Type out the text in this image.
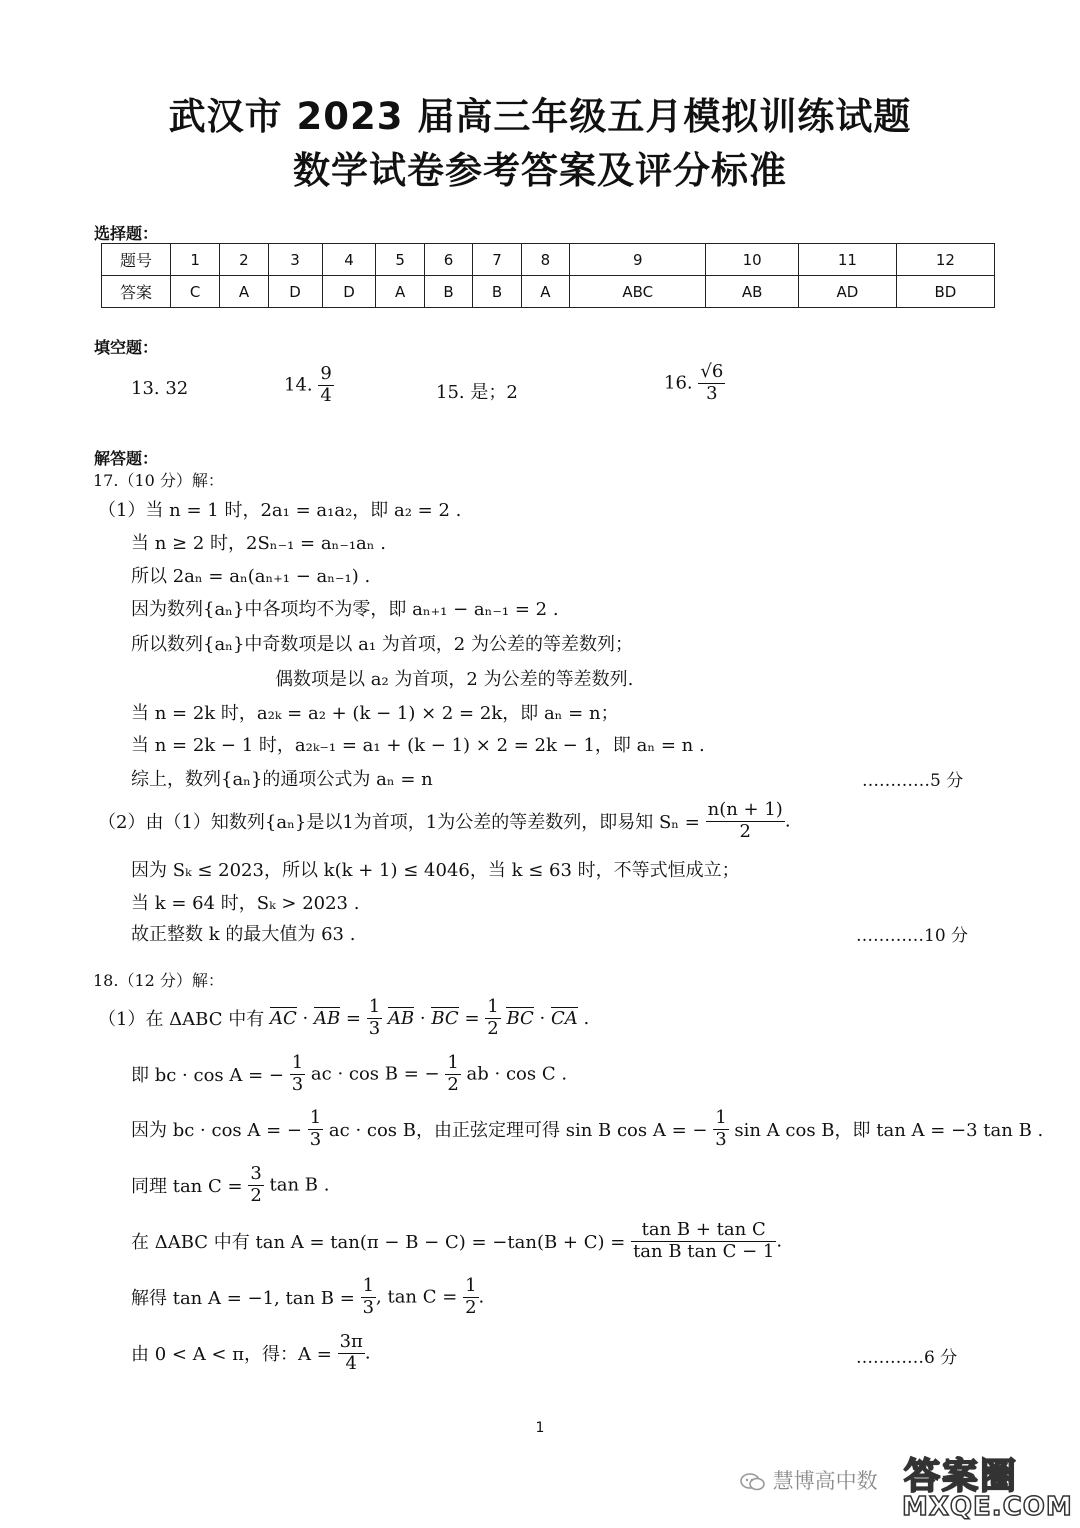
武汉市 2023 届高三年级五月模拟训练试题
数学试卷参考答案及评分标准
选择题：
题号	1	2	3	4	5	6	7	8	9	10	11	12
答案	C	A	D	D	A	B	B	A	ABC	AB	AD	BD
填空题：
13. 32	14. $\frac{9}{4}$	15. 是；2	16. $\frac{√6}{3}$
解答题：
17.（10 分）解：
（1）当 n = 1 时，2a₁ = a₁a₂，即 a₂ = 2 .
当 n ≥ 2 时，2Sₙ₋₁ = aₙ₋₁aₙ .
所以 2aₙ = aₙ(aₙ₊₁ − aₙ₋₁) .
因为数列{aₙ}中各项均不为零，即 aₙ₊₁ − aₙ₋₁ = 2 .
所以数列{aₙ}中奇数项是以 a₁ 为首项，2 为公差的等差数列；
偶数项是以 a₂ 为首项，2 为公差的等差数列.
当 n = 2k 时，a₂ₖ = a₂ + (k − 1) × 2 = 2k，即 aₙ = n；
当 n = 2k − 1 时，a₂ₖ₋₁ = a₁ + (k − 1) × 2 = 2k − 1，即 aₙ = n .
综上，数列{aₙ}的通项公式为 aₙ = n	…………5 分
（2）由（1）知数列{aₙ}是以1为首项，1为公差的等差数列，即易知 $S_n = \frac{n(n + 1)}{2}$ .
因为 Sₖ ≤ 2023，所以 k(k + 1) ≤ 4046，当 k ≤ 63 时，不等式恒成立；
当 k = 64 时，Sₖ > 2023 .
故正整数 k 的最大值为 63 .	…………10 分
18.（12 分）解：
（1）在 ΔABC 中有 AC · AB = $\frac{1}{3}$ AB · BC = $\frac{1}{2}$ BC · CA .
即 bc · cos A = − $\frac{1}{3}$ ac · cos B = − $\frac{1}{2}$ ab · cos C .
因为 bc · cos A = − $\frac{1}{3}$ ac · cos B，由正弦定理可得 sin B cos A = − $\frac{1}{3}$ sin A cos B，即 tan A = −3 tan B .
同理 $\tan C = \frac{3}{2}$ tan B .
在 ΔABC 中有 $\tan A = \tan(\pi - B - C) = -\tan(B + C) = \frac{\text{tan B + tan C}}{\text{tan B tan C − 1}}$ .
解得 tan A = −1, $\tan B = \frac{1}{3}$ , $\tan C = \frac{1}{2}$ .
由 0 < A < π，得：$A = \frac{3\pi}{4}$ .	…………6 分
1
慧博高中数 答案圈
MXQE.COM
